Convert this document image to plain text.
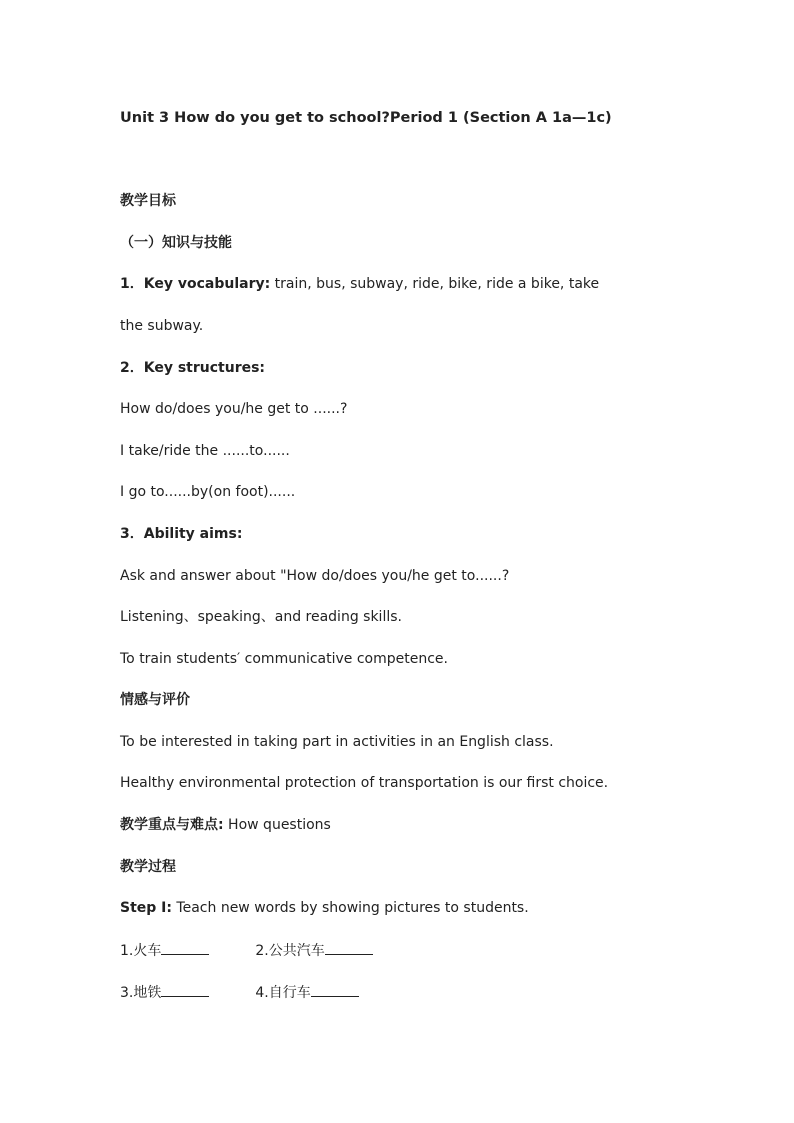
Unit 3 How do you get to school?Period 1 (Section A 1a—1c)
教学目标
（一）知识与技能
1．Key vocabulary: train, bus, subway, ride, bike, ride a bike, take
the subway.
2．Key structures:
How do/does you/he get to ......?
I take/ride the ......to......
I go to......by(on foot)......
3．Ability aims:
Ask and answer about "How do/does you/he get to......?
Listening、speaking、and reading skills.
To train students′ communicative competence.
情感与评价
To be interested in taking part in activities in an English class.
Healthy environmental protection of transportation is our first choice.
教学重点与难点: How questions
教学过程
Step Ⅰ: Teach new words by showing pictures to students.
1.火车	2.公共汽车
3.地铁	4.自行车
